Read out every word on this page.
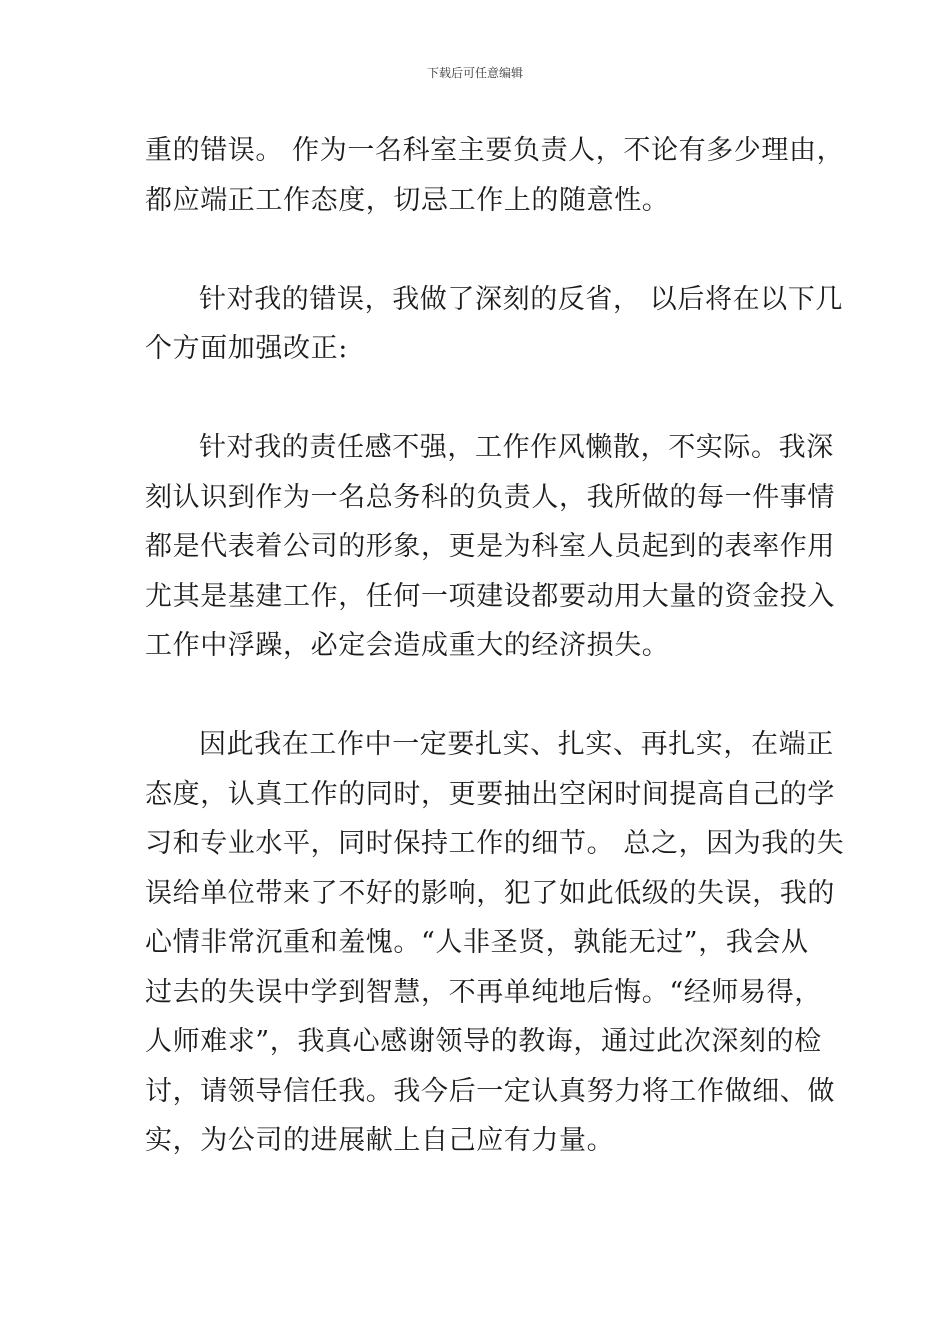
下载后可任意编辑
重的错误。 作为一名科室主要负责人，不论有多少理由，
都应端正工作态度，切忌工作上的随意性。
针对我的错误，我做了深刻的反省， 以后将在以下几
个方面加强改正:
针对我的责任感不强，工作作风懒散，不实际。我深
刻认识到作为一名总务科的负责人，我所做的每一件事情
都是代表着公司的形象，更是为科室人员起到的表率作用
尤其是基建工作，任何一项建设都要动用大量的资金投入
工作中浮躁，必定会造成重大的经济损失。
因此我在工作中一定要扎实、扎实、再扎实，在端正
态度，认真工作的同时，更要抽出空闲时间提高自己的学
习和专业水平，同时保持工作的细节。 总之，因为我的失
误给单位带来了不好的影响，犯了如此低级的失误，我的
心情非常沉重和羞愧。“人非圣贤，孰能无过”，我会从
过去的失误中学到智慧，不再单纯地后悔。“经师易得，
人师难求”，我真心感谢领导的教诲，通过此次深刻的检
讨，请领导信任我。我今后一定认真努力将工作做细、做
实，为公司的进展献上自己应有力量。
